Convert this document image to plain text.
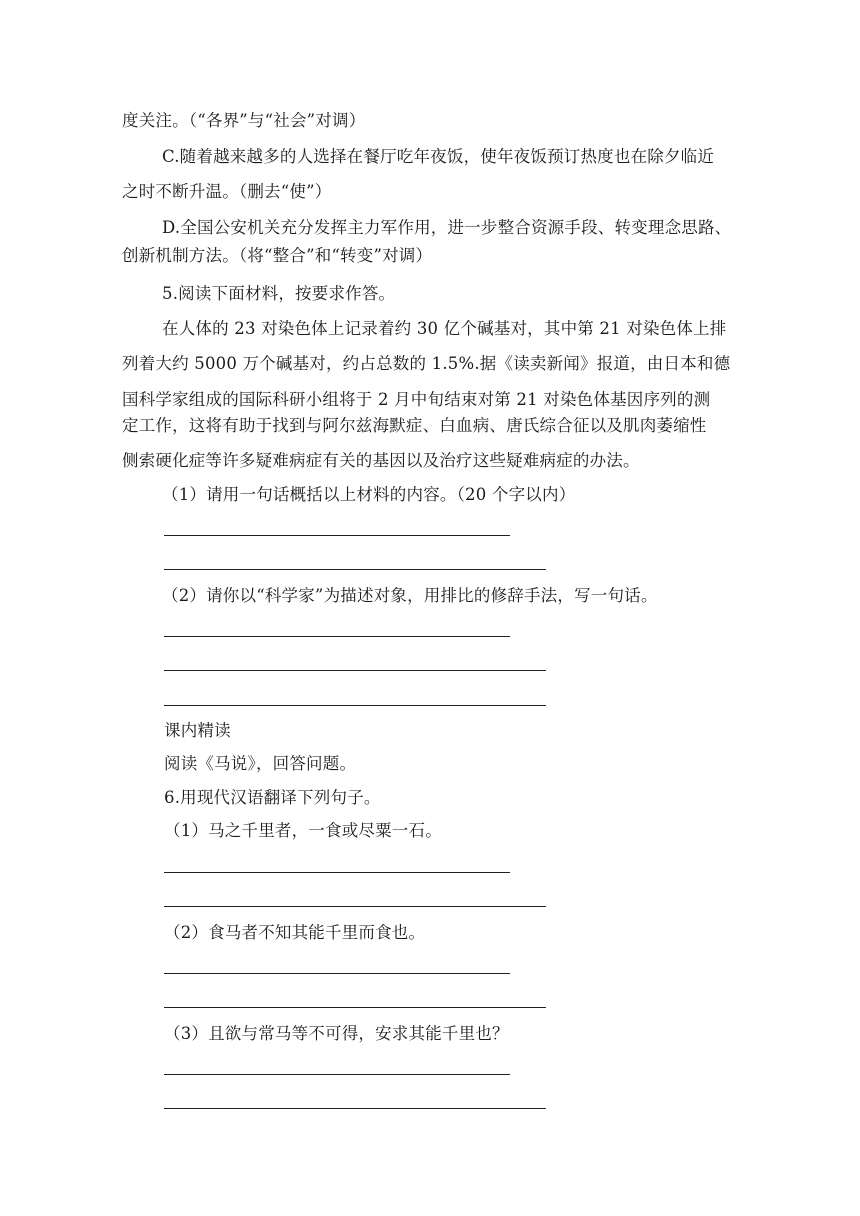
度关注。（“各界”与“社会”对调）
C.随着越来越多的人选择在餐厅吃年夜饭，使年夜饭预订热度也在除夕临近
之时不断升温。（删去“使”）
D.全国公安机关充分发挥主力军作用，进一步整合资源手段、转变理念思路、
创新机制方法。（将“整合”和“转变”对调）
5.阅读下面材料，按要求作答。
在人体的 23 对染色体上记录着约 30 亿个碱基对，其中第 21 对染色体上排
列着大约 5000 万个碱基对，约占总数的 1.5%.据《读卖新闻》报道，由日本和德
国科学家组成的国际科研小组将于 2 月中旬结束对第 21 对染色体基因序列的测
定工作，这将有助于找到与阿尔兹海默症、白血病、唐氏综合征以及肌肉萎缩性
侧索硬化症等许多疑难病症有关的基因以及治疗这些疑难病症的办法。
（1）请用一句话概括以上材料的内容。（20 个字以内）
（2）请你以“科学家”为描述对象，用排比的修辞手法，写一句话。
课内精读
阅读《马说》，回答问题。
6.用现代汉语翻译下列句子。
（1）马之千里者，一食或尽粟一石。
（2）食马者不知其能千里而食也。
（3）且欲与常马等不可得，安求其能千里也？
